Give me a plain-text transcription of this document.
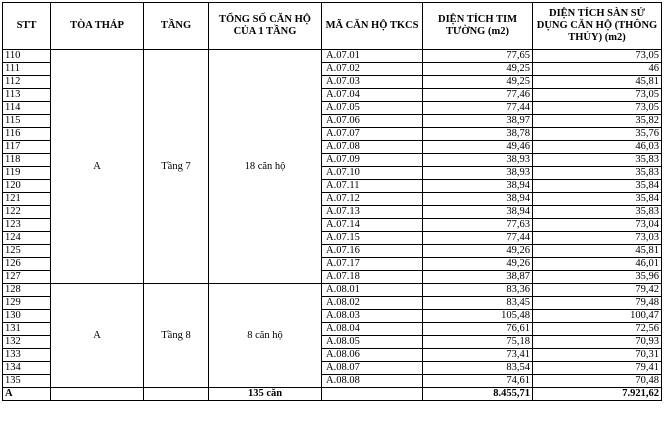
STT	TÒA THÁP	TẦNG	TỔNG SỐ CĂN HỘ CỦA 1 TẦNG	MÃ CĂN HỘ TKCS	DIỆN TÍCH TIM TƯỜNG (m2)	DIỆN TÍCH SÀN SỬ DỤNG CĂN HỘ (THÔNG THỦY) (m2)
110	A	Tầng 7	18 căn hộ	A.07.01	77,65	73,05
111				A.07.02	49,25	46
112				A.07.03	49,25	45,81
113				A.07.04	77,46	73,05
114				A.07.05	77,44	73,05
115				A.07.06	38,97	35,82
116				A.07.07	38,78	35,76
117				A.07.08	49,46	46,03
118				A.07.09	38,93	35,83
119				A.07.10	38,93	35,83
120				A.07.11	38,94	35,84
121				A.07.12	38,94	35,84
122				A.07.13	38,94	35,83
123				A.07.14	77,63	73,04
124				A.07.15	77,44	73,03
125				A.07.16	49,26	45,81
126				A.07.17	49,26	46,01
127				A.07.18	38,87	35,96
128	A	Tầng 8	8 căn hộ	A.08.01	83,36	79,42
129				A.08.02	83,45	79,48
130				A.08.03	105,48	100,47
131				A.08.04	76,61	72,56
132				A.08.05	75,18	70,93
133				A.08.06	73,41	70,31
134				A.08.07	83,54	79,41
135				A.08.08	74,61	70,48
A			135 căn		8.455,71	7.921,62
